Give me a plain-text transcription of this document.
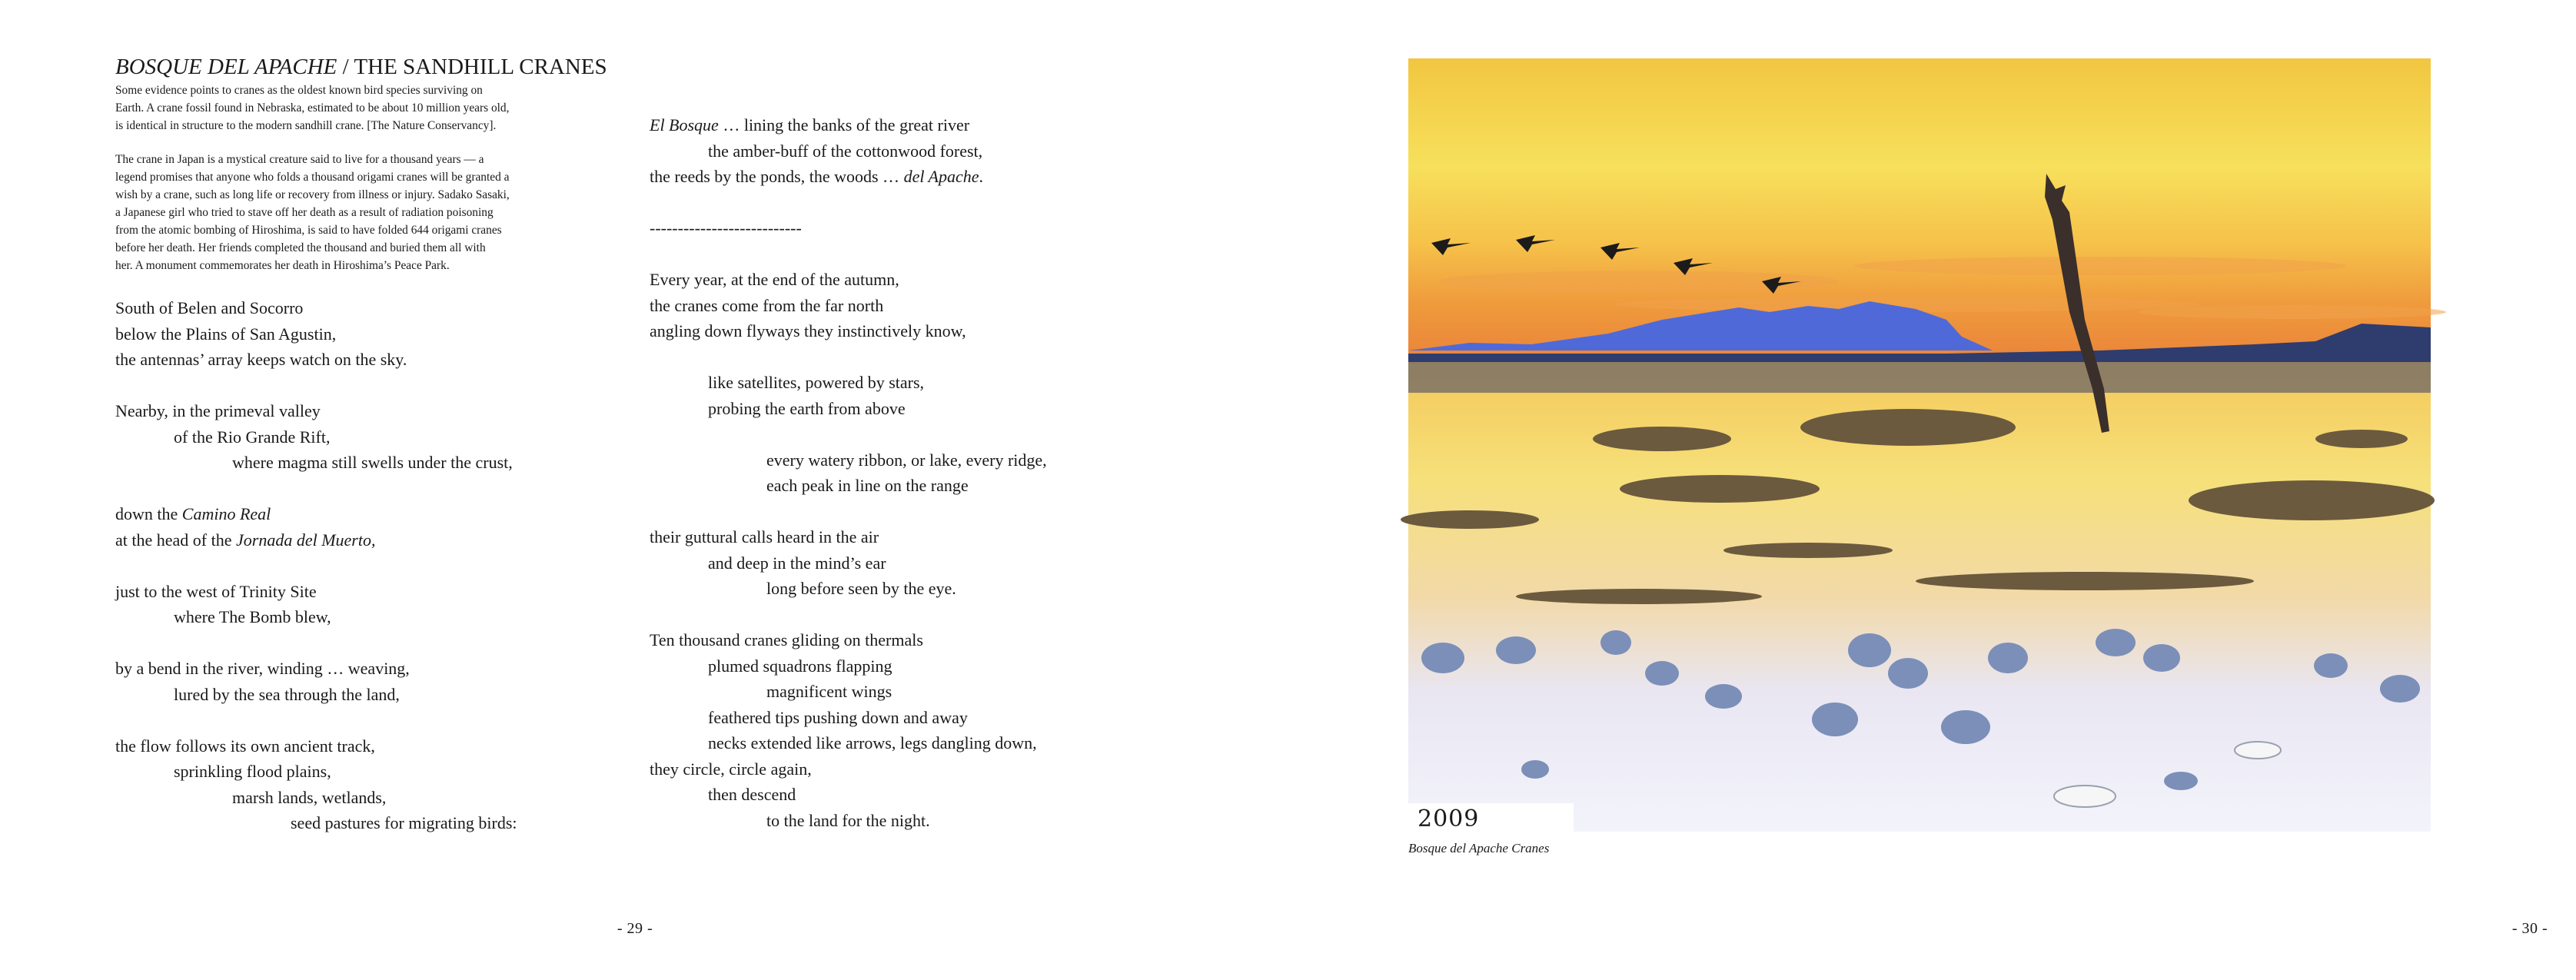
BOSQUE DEL APACHE / THE SANDHILL CRANES

Some evidence points to cranes as the oldest known bird species surviving on
Earth. A crane fossil found in Nebraska, estimated to be about 10 million years old,
is identical in structure to the modern sandhill crane. [The Nature Conservancy].

The crane in Japan is a mystical creature said to live for a thousand years — a
legend promises that anyone who folds a thousand origami cranes will be granted a
wish by a crane, such as long life or recovery from illness or injury. Sadako Sasaki,
a Japanese girl who tried to stave off her death as a result of radiation poisoning
from the atomic bombing of Hiroshima, is said to have folded 644 origami cranes
before her death. Her friends completed the thousand and buried them all with
her. A monument commemorates her death in Hiroshima’s Peace Park.

South of Belen and Socorro
below the Plains of San Agustin,
the antennas’ array keeps watch on the sky.
Nearby, in the primeval valley
of the Rio Grande Rift,
where magma still swells under the crust,
down the Camino Real
at the head of the Jornada del Muerto,
just to the west of Trinity Site
where The Bomb blew,
by a bend in the river, winding … weaving,
lured by the sea through the land,
the flow follows its own ancient track,
sprinkling flood plains,
marsh lands, wetlands,
seed pastures for migrating birds:
El Bosque … lining the banks of the great river
the amber-buff of the cottonwood forest,
the reeds by the ponds, the woods … del Apache.
---------------------------
Every year, at the end of the autumn,
the cranes come from the far north
angling down flyways they instinctively know,
like satellites, powered by stars,
probing the earth from above
every watery ribbon, or lake, every ridge,
each peak in line on the range
their guttural calls heard in the air
and deep in the mind’s ear
long before seen by the eye.
Ten thousand cranes gliding on thermals
plumed squadrons flapping
magnificent wings
feathered tips pushing down and away
necks extended like arrows, legs dangling down,
they circle, circle again,
then descend
to the land for the night.
- 29 -
2009
Bosque del Apache Cranes
- 30 -
